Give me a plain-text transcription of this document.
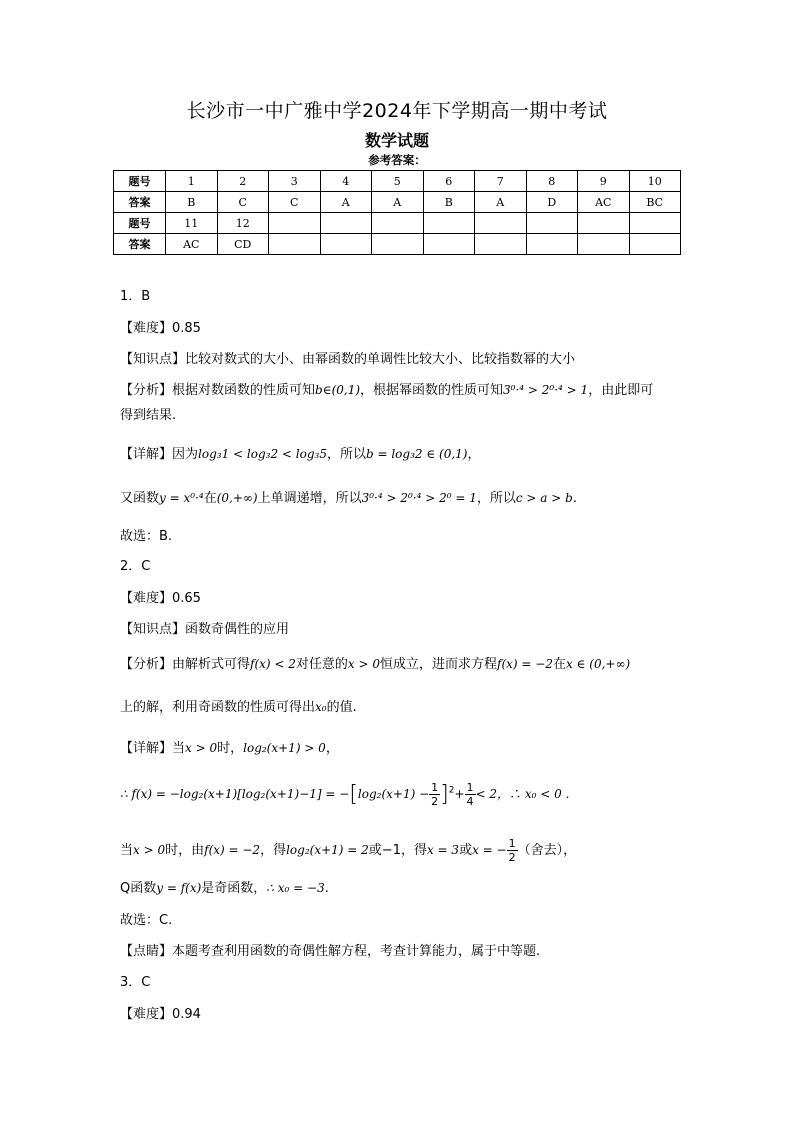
长沙市一中广雅中学2024年下学期高一期中考试
数学试题
参考答案：
题号	1	2	3	4	5	6	7	8	9	10
答案	B	C	C	A	A	B	A	D	AC	BC
题号	11	12								
答案	AC	CD								
1．B
【难度】0.85
【知识点】比较对数式的大小、由幂函数的单调性比较大小、比较指数幂的大小
【分析】根据对数函数的性质可知b∈(0,1)，根据幂函数的性质可知3⁰·⁴ > 2⁰·⁴ > 1，由此即可
得到结果.
【详解】因为log₃1 < log₃2 < log₃5，所以b = log₃2 ∈ (0,1)，
又函数y = x⁰·⁴在(0,+∞)上单调递增，所以3⁰·⁴ > 2⁰·⁴ > 2⁰ = 1，所以c > a > b.
故选：B.
2．C
【难度】0.65
【知识点】函数奇偶性的应用
【分析】由解析式可得f(x) < 2对任意的x > 0恒成立，进而求方程f(x) = −2在x ∈ (0,+∞)
上的解，利用奇函数的性质可得出x₀的值.
【详解】当x > 0时，log₂(x+1) > 0，
∴ $f(x) = -\log_2(x+1)[\log_2(x+1)-1] = -[\log_2(x+1) - \frac{1}{2} ]^2+ \frac{1}{4} < 2$，∴ x₀ < 0 .
当x > 0时，由f(x) = −2，得log₂(x+1) = 2或−1，得x = 3或x = − $\frac{1}{2}$ （舍去），
Q函数y = f(x)是奇函数，∴ x₀ = −3.
故选：C.
【点睛】本题考查利用函数的奇偶性解方程，考查计算能力，属于中等题.
3．C
【难度】0.94
